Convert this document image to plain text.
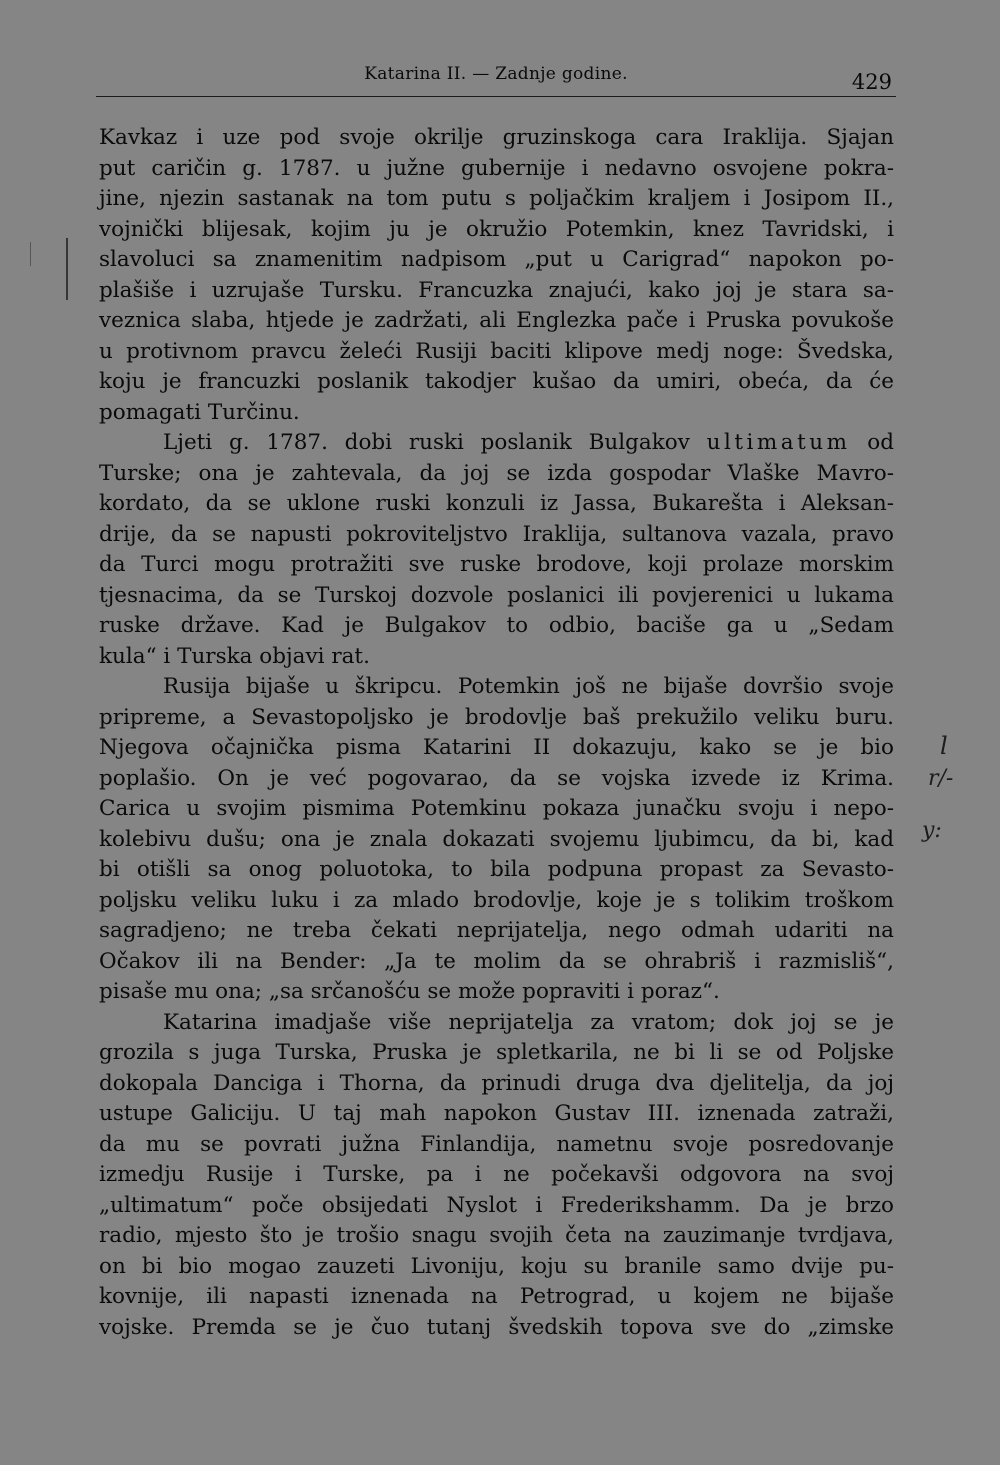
Katarina II. — Zadnje godine.	429
Kavkaz i uze pod svoje okrilje gruzinskoga cara Iraklija. Sjajan
put caričin g. 1787. u južne gubernije i nedavno osvojene pokra-
jine, njezin sastanak na tom putu s poljačkim kraljem i Josipom II.,
vojnički blijesak, kojim ju je okružio Potemkin, knez Tavridski, i
slavoluci sa znamenitim nadpisom „put u Carigrad“ napokon po-
plašiše i uzrujaše Tursku. Francuzka znajući, kako joj je stara sa-
veznica slaba, htjede je zadržati, ali Englezka pače i Pruska povukoše
u protivnom pravcu želeći Rusiji baciti klipove medj noge: Švedska,
koju je francuzki poslanik takodjer kušao da umiri, obeća, da će
pomagati Turčinu.
Ljeti g. 1787. dobi ruski poslanik Bulgakov ultimatum od
Turske; ona je zahtevala, da joj se izda gospodar Vlaške Mavro-
kordato, da se uklone ruski konzuli iz Jassa, Bukarešta i Aleksan-
drije, da se napusti pokroviteljstvo Iraklija, sultanova vazala, pravo
da Turci mogu protražiti sve ruske brodove, koji prolaze morskim
tjesnacima, da se Turskoj dozvole poslanici ili povjerenici u lukama
ruske države. Kad je Bulgakov to odbio, baciše ga u „Sedam
kula“ i Turska objavi rat.
Rusija bijaše u škripcu. Potemkin još ne bijaše dovršio svoje
pripreme, a Sevastopoljsko je brodovlje baš prekužilo veliku buru.
Njegova očajnička pisma Katarini II dokazuju, kako se je bio
poplašio. On je već pogovarao, da se vojska izvede iz Krima.
Carica u svojim pismima Potemkinu pokaza junačku svoju i nepo-
kolebivu dušu; ona je znala dokazati svojemu ljubimcu, da bi, kad
bi otišli sa onog poluotoka, to bila podpuna propast za Sevasto-
poljsku veliku luku i za mlado brodovlje, koje je s tolikim troškom
sagradjeno; ne treba čekati neprijatelja, nego odmah udariti na
Očakov ili na Bender: „Ja te molim da se ohrabriš i razmisliš“,
pisaše mu ona; „sa srčanošću se može popraviti i poraz“.
Katarina imadjaše više neprijatelja za vratom; dok joj se je
grozila s juga Turska, Pruska je spletkarila, ne bi li se od Poljske
dokopala Danciga i Thorna, da prinudi druga dva djelitelja, da joj
ustupe Galiciju. U taj mah napokon Gustav III. iznenada zatraži,
da mu se povrati južna Finlandija, nametnu svoje posredovanje
izmedju Rusije i Turske, pa i ne počekavši odgovora na svoj
„ultimatum“ poče obsijedati Nyslot i Frederikshamm. Da je brzo
radio, mjesto što je trošio snagu svojih četa na zauzimanje tvrdjava,
on bi bio mogao zauzeti Livoniju, koju su branile samo dvije pu-
kovnije, ili napasti iznenada na Petrograd, u kojem ne bijaše
vojske. Premda se je čuo tutanj švedskih topova sve do „zimske
l
r/-
y:
